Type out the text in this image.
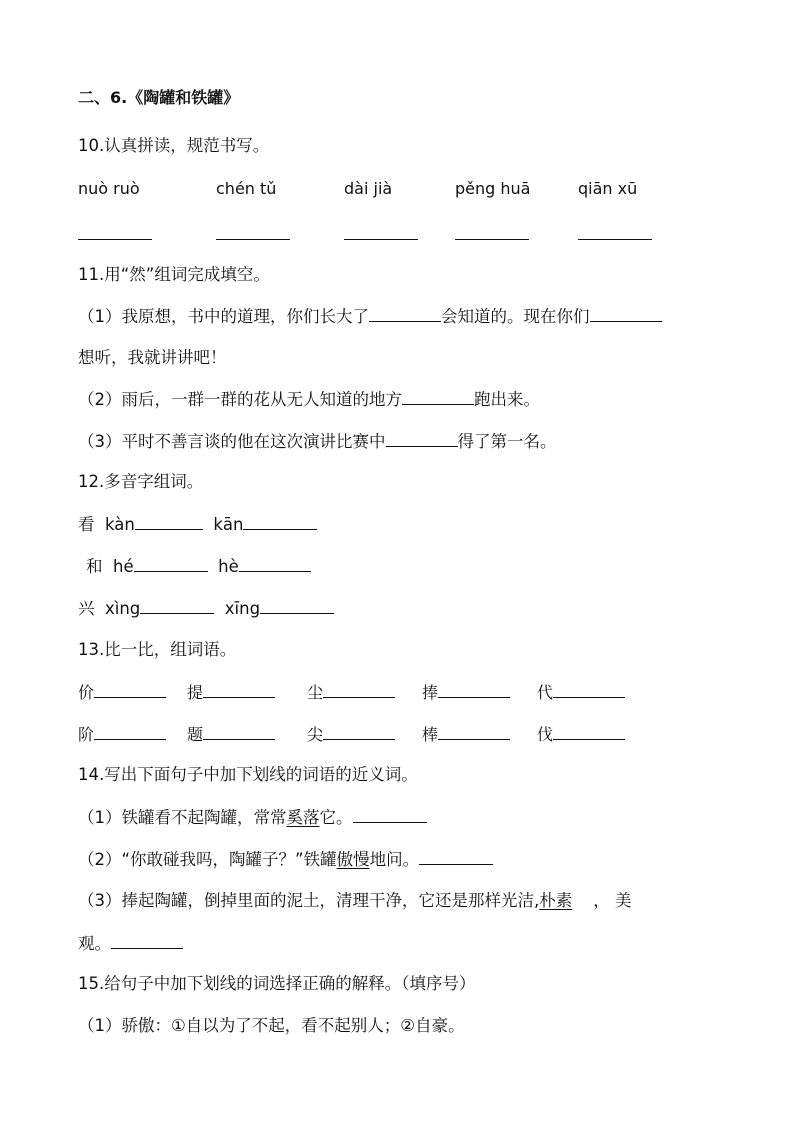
二、6.《陶罐和铁罐》
10.认真拼读，规范书写。
nuò ruò	chén tǔ	dài jià	pěng huā	qiān xū
11.用“然”组词完成填空。
（1）我原想，书中的道理，你们长大了	会知道的。现在你们
想听，我就讲讲吧！
（2）雨后，一群一群的花从无人知道的地方	跑出来。
（3）平时不善言谈的他在这次演讲比赛中	得了第一名。
12.多音字组词。
看 kàn	kān
和 hé	hè
兴 xìng	xīng
13.比一比，组词语。
价	提	尘	捧	代
阶	题	尖	棒	伐
14.写出下面句子中加下划线的词语的近义词。
（1）铁罐看不起陶罐，常常奚落它。
（2）“你敢碰我吗，陶罐子？”铁罐傲慢地问。
（3）捧起陶罐，倒掉里面的泥土，清理干净，它还是那样光洁,朴素 ， 美
观。
15.给句子中加下划线的词选择正确的解释。（填序号）
（1）骄傲：①自以为了不起，看不起别人；②自豪。
